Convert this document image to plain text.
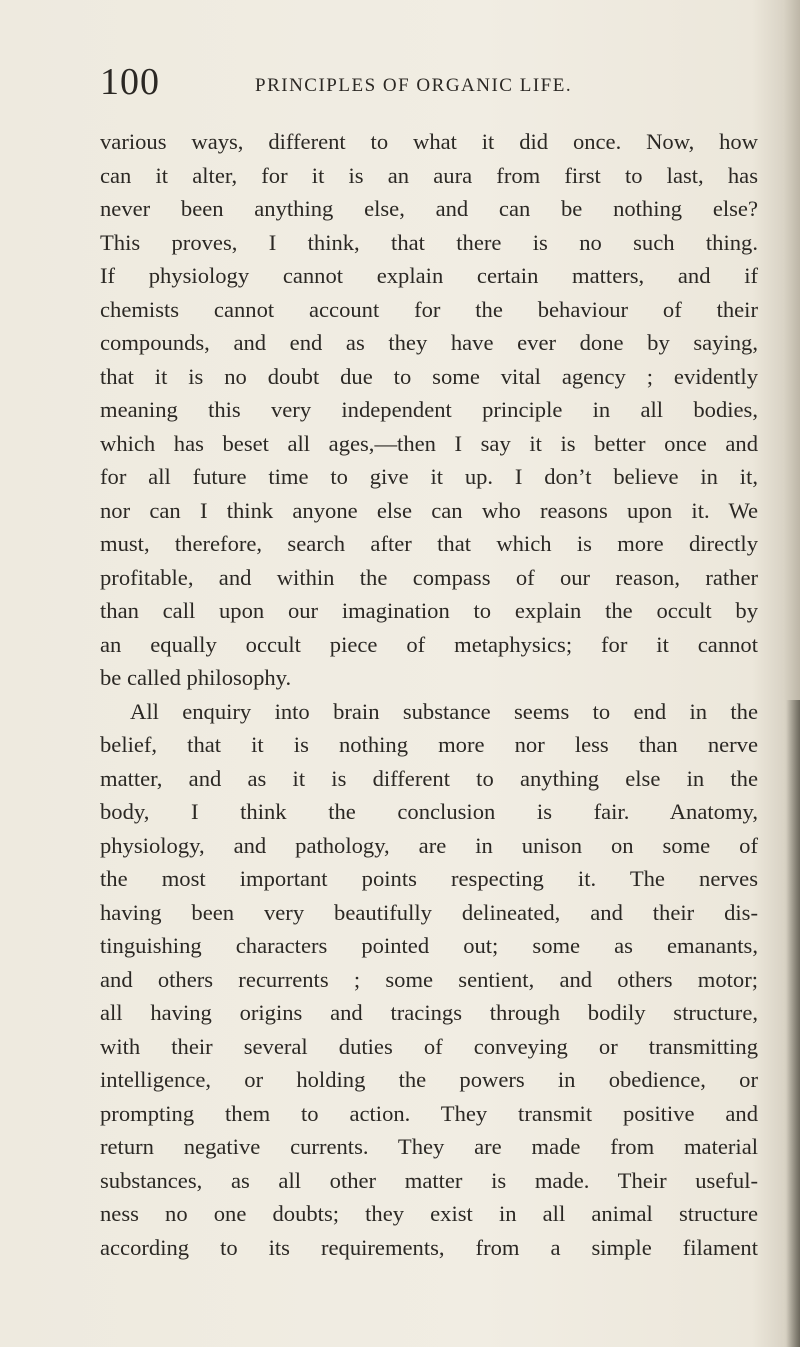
100	PRINCIPLES OF ORGANIC LIFE.
various ways, different to what it did once. Now, how
can it alter, for it is an aura from first to last, has
never been anything else, and can be nothing else?
This proves, I think, that there is no such thing.
If physiology cannot explain certain matters, and if
chemists cannot account for the behaviour of their
compounds, and end as they have ever done by saying,
that it is no doubt due to some vital agency ; evidently
meaning this very independent principle in all bodies,
which has beset all ages,—then I say it is better once and
for all future time to give it up. I don’t believe in it,
nor can I think anyone else can who reasons upon it. We
must, therefore, search after that which is more directly
profitable, and within the compass of our reason, rather
than call upon our imagination to explain the occult by
an equally occult piece of metaphysics; for it cannot
be called philosophy.
All enquiry into brain substance seems to end in the
belief, that it is nothing more nor less than nerve
matter, and as it is different to anything else in the
body, I think the conclusion is fair. Anatomy,
physiology, and pathology, are in unison on some of
the most important points respecting it. The nerves
having been very beautifully delineated, and their dis-
tinguishing characters pointed out; some as emanants,
and others recurrents ; some sentient, and others motor;
all having origins and tracings through bodily structure,
with their several duties of conveying or transmitting
intelligence, or holding the powers in obedience, or
prompting them to action. They transmit positive and
return negative currents. They are made from material
substances, as all other matter is made. Their useful-
ness no one doubts; they exist in all animal structure
according to its requirements, from a simple filament
